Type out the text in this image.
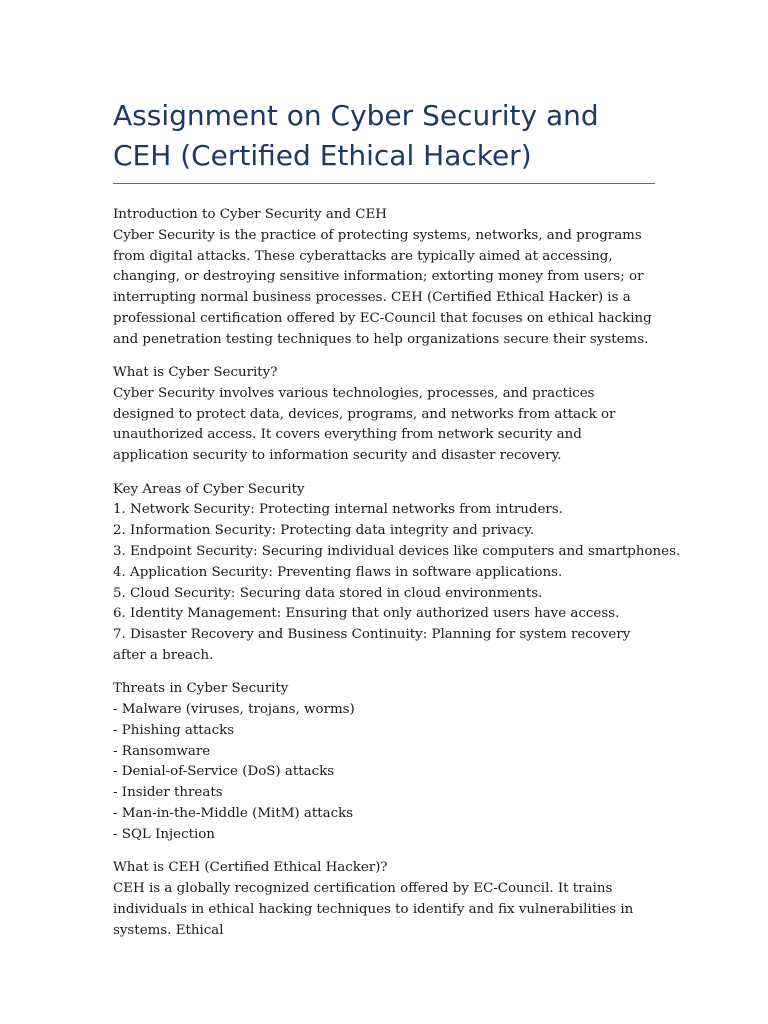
Assignment on Cyber Security and CEH (Certified Ethical Hacker)
Introduction to Cyber Security and CEH
Cyber Security is the practice of protecting systems, networks, and programs from digital attacks. These cyberattacks are typically aimed at accessing, changing, or destroying sensitive information; extorting money from users; or interrupting normal business processes. CEH (Certified Ethical Hacker) is a professional certification offered by EC-Council that focuses on ethical hacking and penetration testing techniques to help organizations secure their systems.
What is Cyber Security?
Cyber Security involves various technologies, processes, and practices designed to protect data, devices, programs, and networks from attack or unauthorized access. It covers everything from network security and application security to information security and disaster recovery.
Key Areas of Cyber Security
1. Network Security: Protecting internal networks from intruders.
2. Information Security: Protecting data integrity and privacy.
3. Endpoint Security: Securing individual devices like computers and smartphones.
4. Application Security: Preventing flaws in software applications.
5. Cloud Security: Securing data stored in cloud environments.
6. Identity Management: Ensuring that only authorized users have access.
7. Disaster Recovery and Business Continuity: Planning for system recovery after a breach.
Threats in Cyber Security
- Malware (viruses, trojans, worms)
- Phishing attacks
- Ransomware
- Denial-of-Service (DoS) attacks
- Insider threats
- Man-in-the-Middle (MitM) attacks
- SQL Injection
What is CEH (Certified Ethical Hacker)?
CEH is a globally recognized certification offered by EC-Council. It trains individuals in ethical hacking techniques to identify and fix vulnerabilities in systems. Ethical
